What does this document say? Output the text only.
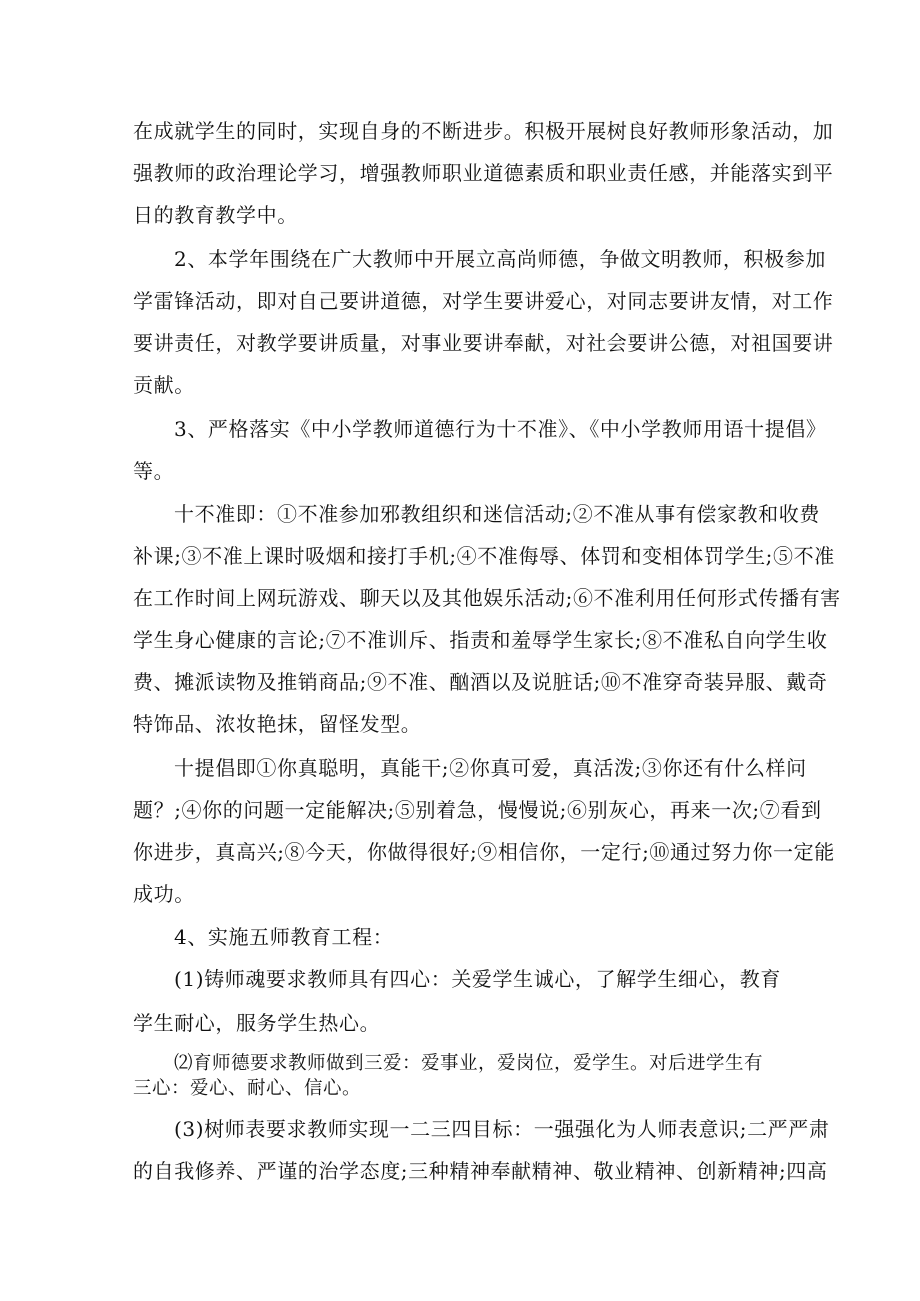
在成就学生的同时，实现自身的不断进步。积极开展树良好教师形象活动，加
强教师的政治理论学习，增强教师职业道德素质和职业责任感，并能落实到平
日的教育教学中。
2、本学年围绕在广大教师中开展立高尚师德，争做文明教师，积极参加
学雷锋活动，即对自己要讲道德，对学生要讲爱心，对同志要讲友情，对工作
要讲责任，对教学要讲质量，对事业要讲奉献，对社会要讲公德，对祖国要讲
贡献。
3、严格落实《中小学教师道德行为十不准》、《中小学教师用语十提倡》
等。
十不准即：①不准参加邪教组织和迷信活动;②不准从事有偿家教和收费
补课;③不准上课时吸烟和接打手机;④不准侮辱、体罚和变相体罚学生;⑤不准
在工作时间上网玩游戏、聊天以及其他娱乐活动;⑥不准利用任何形式传播有害
学生身心健康的言论;⑦不准训斥、指责和羞辱学生家长;⑧不准私自向学生收
费、摊派读物及推销商品;⑨不准、酗酒以及说脏话;⑩不准穿奇装异服、戴奇
特饰品、浓妆艳抹，留怪发型。
十提倡即①你真聪明，真能干;②你真可爱，真活泼;③你还有什么样问
题？;④你的问题一定能解决;⑤别着急，慢慢说;⑥别灰心，再来一次;⑦看到
你进步，真高兴;⑧今天，你做得很好;⑨相信你，一定行;⑩通过努力你一定能
成功。
4、实施五师教育工程：
(1)铸师魂要求教师具有四心：关爱学生诚心，了解学生细心，教育
学生耐心，服务学生热心。
⑵育师德要求教师做到三爱：爱事业，爱岗位，爱学生。对后进学生有
三心：爱心、耐心、信心。
(3)树师表要求教师实现一二三四目标：一强强化为人师表意识;二严严肃
的自我修养、严谨的治学态度;三种精神奉献精神、敬业精神、创新精神;四高
